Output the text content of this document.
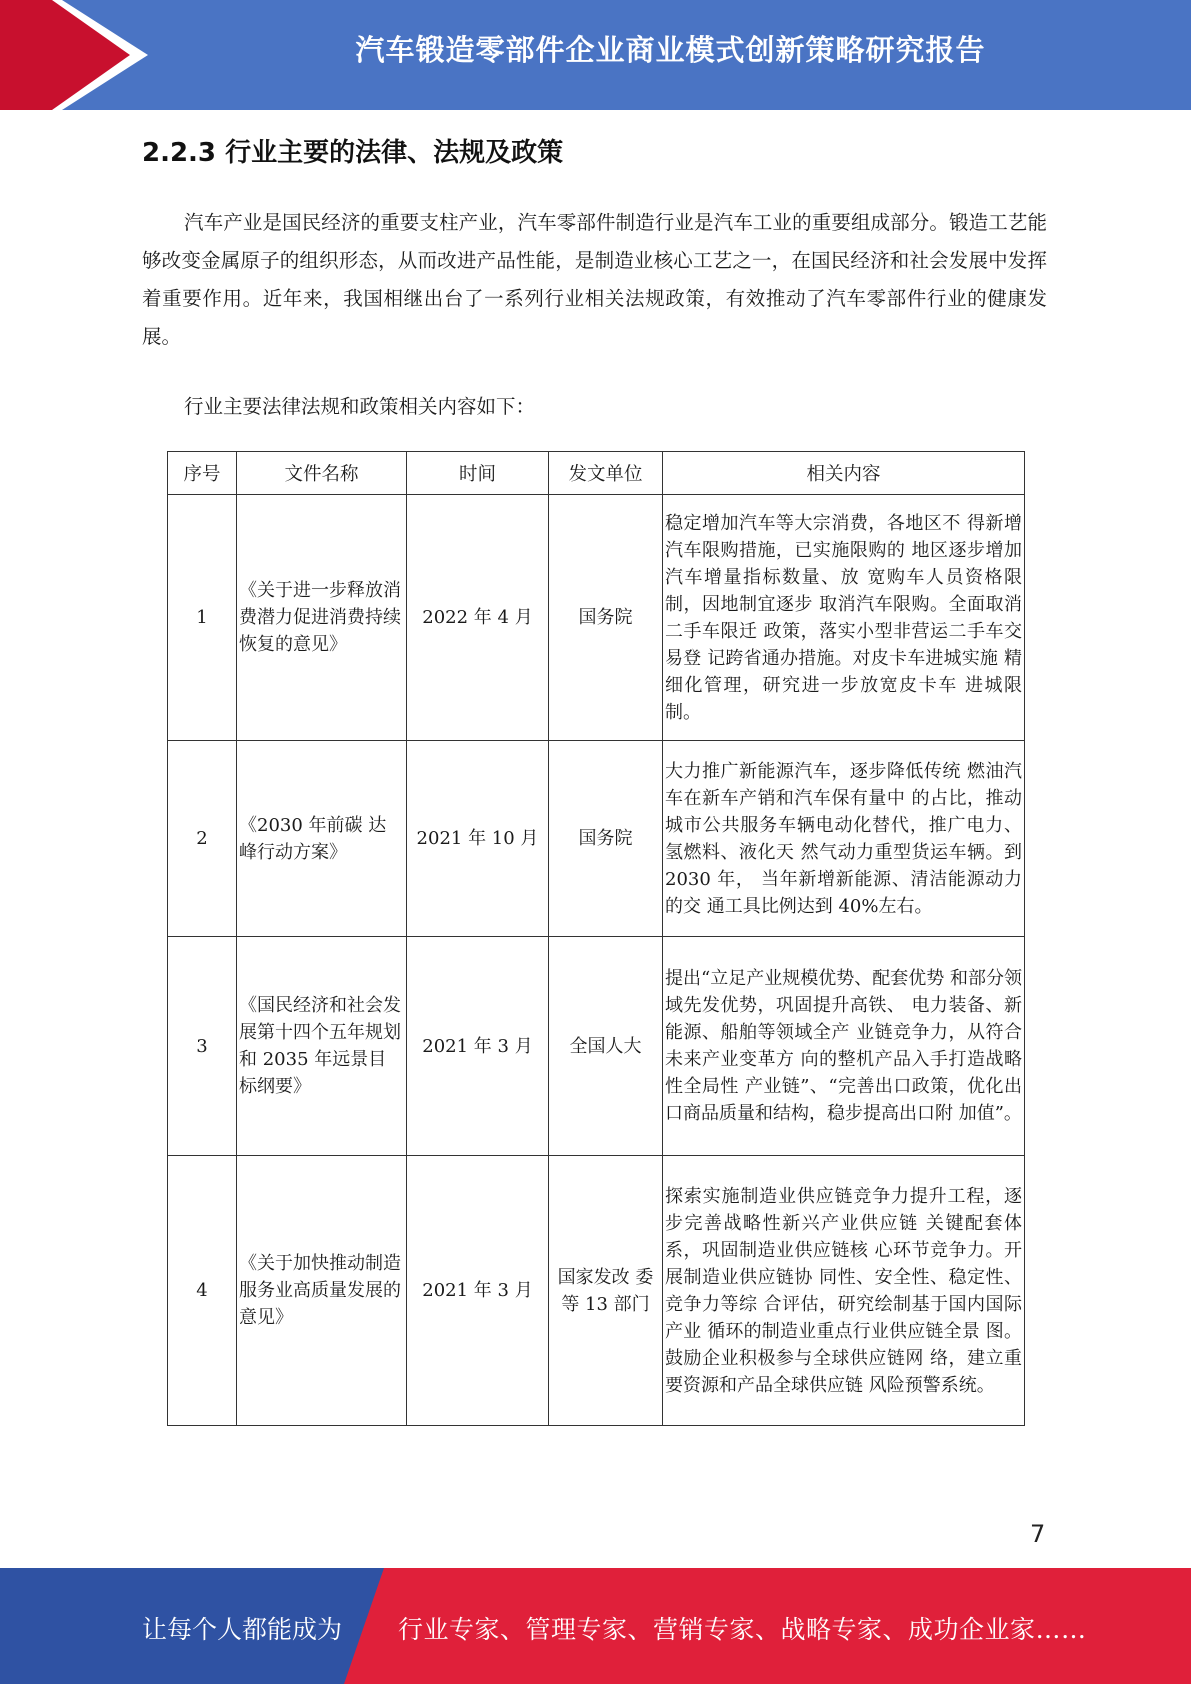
汽车锻造零部件企业商业模式创新策略研究报告
2.2.3 行业主要的法律、法规及政策

汽车产业是国民经济的重要支柱产业，汽车零部件制造行业是汽车工业的重要组成部分。锻造工艺能够改变金属原子的组织形态，从而改进产品性能，是制造业核心工艺之一，在国民经济和社会发展中发挥着重要作用。近年来，我国相继出台了一系列行业相关法规政策，有效推动了汽车零部件行业的健康发展。

行业主要法律法规和政策相关内容如下：

序号	文件名称	时间	发文单位	相关内容
1	《关于进一步释放消费潜力促进消费持续恢复的意见》	2022 年 4 月	国务院	稳定增加汽车等大宗消费，各地区不 得新增汽车限购措施，已实施限购的 地区逐步增加汽车增量指标数量、放 宽购车人员资格限制，因地制宜逐步 取消汽车限购。全面取消二手车限迁 政策，落实小型非营运二手车交易登 记跨省通办措施。对皮卡车进城实施 精细化管理，研究进一步放宽皮卡车 进城限制。
2	《2030 年前碳 达峰行动方案》	2021 年 10 月	国务院	大力推广新能源汽车，逐步降低传统 燃油汽车在新车产销和汽车保有量中 的占比，推动城市公共服务车辆电动化替代，推广电力、氢燃料、液化天 然气动力重型货运车辆。到 2030 年， 当年新增新能源、清洁能源动力的交 通工具比例达到 40%左右。
3	《国民经济和社会发展第十四个五年规划和 2035 年远景目 标纲要》	2021 年 3 月	全国人大	提出“立足产业规模优势、配套优势 和部分领域先发优势，巩固提升高铁、 电力装备、新能源、船舶等领域全产 业链竞争力，从符合未来产业变革方 向的整机产品入手打造战略性全局性 产业链”、“完善出口政策，优化出 口商品质量和结构，稳步提高出口附 加值”。
4	《关于加快推动制造服务业高质量发展的意见》	2021 年 3 月	国家发改 委等 13 部门	探索实施制造业供应链竞争力提升工程，逐步完善战略性新兴产业供应链 关键配套体系，巩固制造业供应链核 心环节竞争力。开展制造业供应链协 同性、安全性、稳定性、竞争力等综 合评估，研究绘制基于国内国际产业 循环的制造业重点行业供应链全景 图。鼓励企业积极参与全球供应链网 络，建立重要资源和产品全球供应链 风险预警系统。
7
让每个人都能成为 行业专家、管理专家、营销专家、战略专家、成功企业家……
